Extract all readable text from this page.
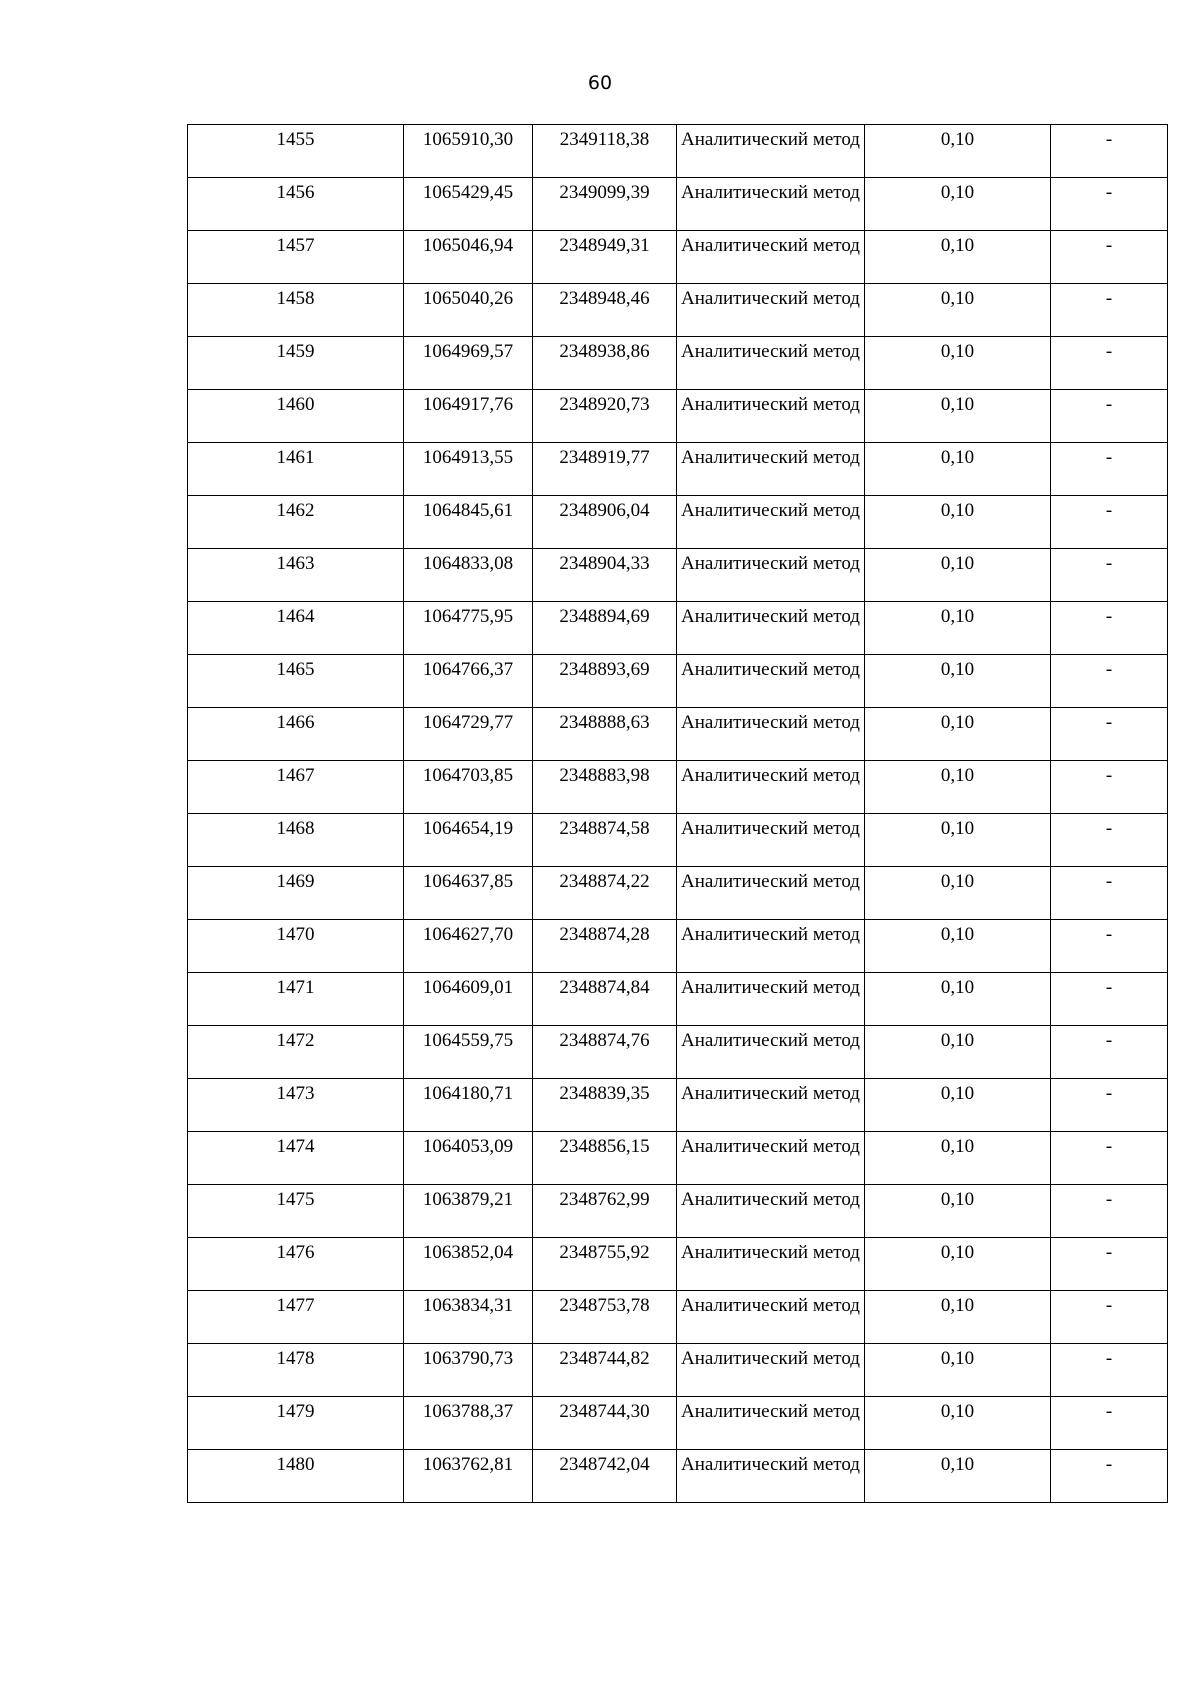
60
1455	1065910,30	2349118,38	Аналитический метод	0,10	-

1456	1065429,45	2349099,39	Аналитический метод	0,10	-

1457	1065046,94	2348949,31	Аналитический метод	0,10	-

1458	1065040,26	2348948,46	Аналитический метод	0,10	-

1459	1064969,57	2348938,86	Аналитический метод	0,10	-

1460	1064917,76	2348920,73	Аналитический метод	0,10	-

1461	1064913,55	2348919,77	Аналитический метод	0,10	-

1462	1064845,61	2348906,04	Аналитический метод	0,10	-

1463	1064833,08	2348904,33	Аналитический метод	0,10	-

1464	1064775,95	2348894,69	Аналитический метод	0,10	-

1465	1064766,37	2348893,69	Аналитический метод	0,10	-

1466	1064729,77	2348888,63	Аналитический метод	0,10	-

1467	1064703,85	2348883,98	Аналитический метод	0,10	-

1468	1064654,19	2348874,58	Аналитический метод	0,10	-

1469	1064637,85	2348874,22	Аналитический метод	0,10	-

1470	1064627,70	2348874,28	Аналитический метод	0,10	-

1471	1064609,01	2348874,84	Аналитический метод	0,10	-

1472	1064559,75	2348874,76	Аналитический метод	0,10	-

1473	1064180,71	2348839,35	Аналитический метод	0,10	-

1474	1064053,09	2348856,15	Аналитический метод	0,10	-

1475	1063879,21	2348762,99	Аналитический метод	0,10	-

1476	1063852,04	2348755,92	Аналитический метод	0,10	-

1477	1063834,31	2348753,78	Аналитический метод	0,10	-

1478	1063790,73	2348744,82	Аналитический метод	0,10	-

1479	1063788,37	2348744,30	Аналитический метод	0,10	-

1480	1063762,81	2348742,04	Аналитический метод	0,10	-
